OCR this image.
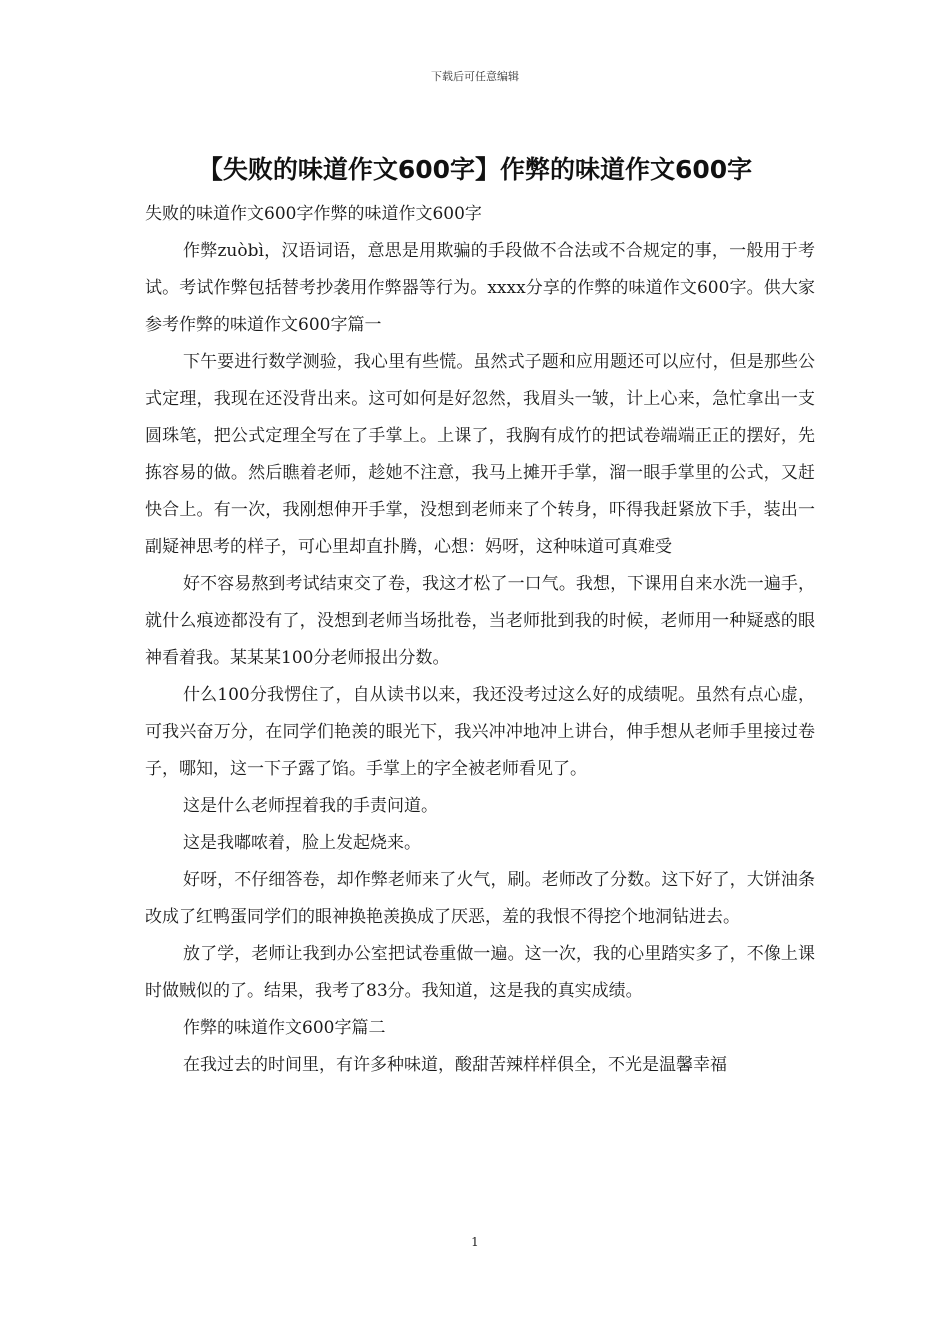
下载后可任意编辑
【失败的味道作文600字】作弊的味道作文600字

失败的味道作文600字作弊的味道作文600字

作弊zuòbì，汉语词语，意思是用欺骗的手段做不合法或不合规定的事，一般用于考试。考试作弊包括替考抄袭用作弊器等行为。xxxx分享的作弊的味道作文600字。供大家参考作弊的味道作文600字篇一

下午要进行数学测验，我心里有些慌。虽然式子题和应用题还可以应付，但是那些公式定理，我现在还没背出来。这可如何是好忽然，我眉头一皱，计上心来，急忙拿出一支圆珠笔，把公式定理全写在了手掌上。上课了，我胸有成竹的把试卷端端正正的摆好，先拣容易的做。然后瞧着老师，趁她不注意，我马上摊开手掌，溜一眼手掌里的公式，又赶快合上。有一次，我刚想伸开手掌，没想到老师来了个转身，吓得我赶紧放下手，装出一副疑神思考的样子，可心里却直扑腾，心想：妈呀，这种味道可真难受

好不容易熬到考试结束交了卷，我这才松了一口气。我想，下课用自来水洗一遍手，就什么痕迹都没有了，没想到老师当场批卷，当老师批到我的时候，老师用一种疑惑的眼神看着我。某某某100分老师报出分数。

什么100分我愣住了，自从读书以来，我还没考过这么好的成绩呢。虽然有点心虚，可我兴奋万分，在同学们艳羡的眼光下，我兴冲冲地冲上讲台，伸手想从老师手里接过卷子，哪知，这一下子露了馅。手掌上的字全被老师看见了。

这是什么老师捏着我的手责问道。

这是我嘟哝着，脸上发起烧来。

好呀，不仔细答卷，却作弊老师来了火气，刷。老师改了分数。这下好了，大饼油条改成了红鸭蛋同学们的眼神换艳羡换成了厌恶，羞的我恨不得挖个地洞钻进去。

放了学，老师让我到办公室把试卷重做一遍。这一次，我的心里踏实多了，不像上课时做贼似的了。结果，我考了83分。我知道，这是我的真实成绩。

作弊的味道作文600字篇二

在我过去的时间里，有许多种味道，酸甜苦辣样样俱全，不光是温馨幸福

1
